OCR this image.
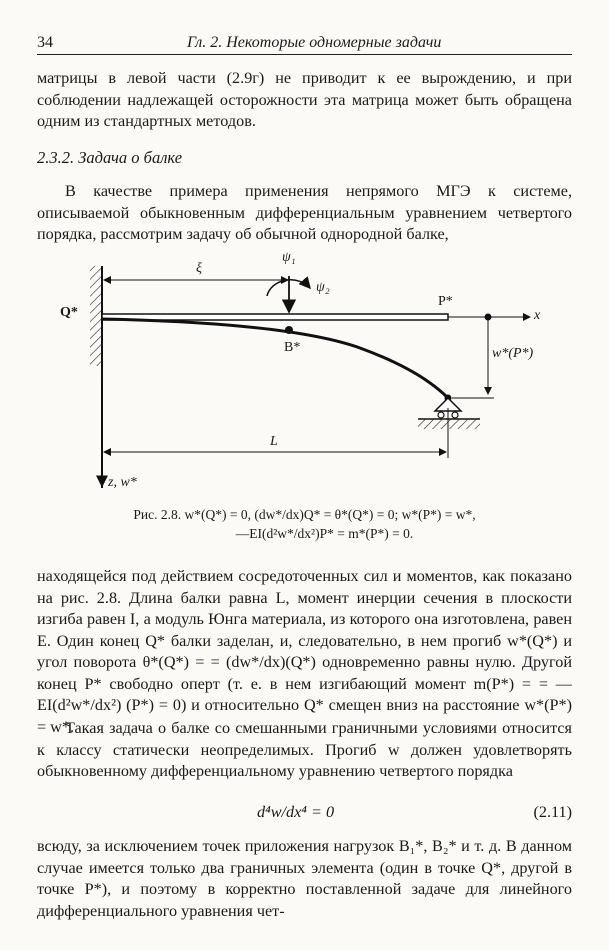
34	Гл. 2. Некоторые одномерные задачи

матрицы в левой части (2.9г) не приводит к ее вырождению, и при соблюдении надлежащей осторожности эта матрица может быть обращена одним из стандартных методов.

2.3.2. Задача о балке

В качестве примера применения непрямого МГЭ к системе, описываемой обыкновенным дифференциальным уравнением четвертого порядка, рассмотрим задачу об обычной однородной балке,

Q*
ξ
ψ₁
ψ₂
P*
x
B*	w*(P*)
L
z, w*
Рис. 2.8. w*(Q*) = 0, (dw*/dx)Q* = θ*(Q*) = 0; w*(P*) = w*,
—EI(d²w*/dx²)P* = m*(P*) = 0.

находящейся под действием сосредоточенных сил и моментов, как показано на рис. 2.8. Длина балки равна L, момент инерции сечения в плоскости изгиба равен I, а модуль Юнга материала, из которого она изготовлена, равен E. Один конец Q* балки заделан, и, следовательно, в нем прогиб w*(Q*) и угол поворота θ*(Q*) = = (dw*/dx)(Q*) одновременно равны нулю. Другой конец P* свободно оперт (т. е. в нем изгибающий момент m(P*) = = —EI(d²w*/dx²) (P*) = 0) и относительно Q* смещен вниз на расстояние w*(P*) = w*.

Такая задача о балке со смешанными граничными условиями относится к классу статически неопределимых. Прогиб w должен удовлетворять обыкновенному дифференциальному уравнению четвертого порядка

d⁴w/dx⁴ = 0	(2.11)

всюду, за исключением точек приложения нагрузок B₁*, B₂* и т. д. В данном случае имеется только два граничных элемента (один в точке Q*, другой в точке P*), и поэтому в корректно поставленной задаче для линейного дифференциального уравнения чет-
